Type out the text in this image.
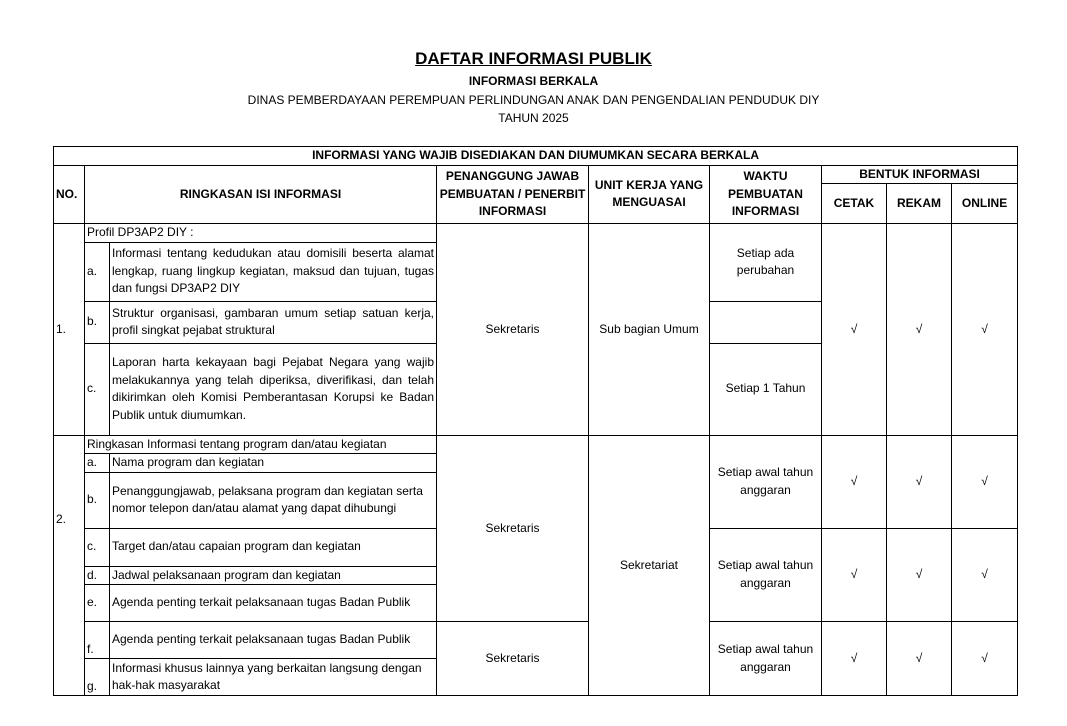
DAFTAR INFORMASI PUBLIK
INFORMASI BERKALA
DINAS PEMBERDAYAAN PEREMPUAN PERLINDUNGAN ANAK DAN PENGENDALIAN PENDUDUK DIY
TAHUN 2025
INFORMASI YANG WAJIB DISEDIAKAN DAN DIUMUMKAN SECARA BERKALA								
NO.	RINGKASAN ISI INFORMASI		PENANGGUNG JAWAB PEMBUATAN / PENERBIT INFORMASI	UNIT KERJA YANG MENGUASAI	WAKTU PEMBUATAN INFORMASI	BENTUK INFORMASI		
						CETAK	REKAM	ONLINE
1.	Profil DP3AP2 DIY :		Sekretaris	Sub bagian Umum	Setiap ada perubahan	√	√	√
	a.	Informasi tentang kedudukan atau domisili beserta alamat lengkap, ruang lingkup kegiatan, maksud dan tujuan, tugas dan fungsi DP3AP2 DIY						
	b.	Struktur organisasi, gambaran umum setiap satuan kerja, profil singkat pejabat struktural						
	c.	Laporan harta kekayaan bagi Pejabat Negara yang wajib melakukannya yang telah diperiksa, diverifikasi, dan telah dikirimkan oleh Komisi Pemberantasan Korupsi ke Badan Publik untuk diumumkan.			Setiap 1 Tahun			
2.	Ringkasan Informasi tentang program dan/atau kegiatan		Sekretaris	Sekretariat	Setiap awal tahun anggaran	√	√	√
	a.	Nama program dan kegiatan						
	b.	Penanggungjawab, pelaksana program dan kegiatan serta nomor telepon dan/atau alamat yang dapat dihubungi						
	c.	Target dan/atau capaian program dan kegiatan			Setiap awal tahun anggaran	√	√	√
	d.	Jadwal pelaksanaan program dan kegiatan						
	e.	Agenda penting terkait pelaksanaan tugas Badan Publik						
	f.	Agenda penting terkait pelaksanaan tugas Badan Publik	Sekretaris		Setiap awal tahun anggaran	√	√	√
	g.	Informasi khusus lainnya yang berkaitan langsung dengan hak-hak masyarakat						
